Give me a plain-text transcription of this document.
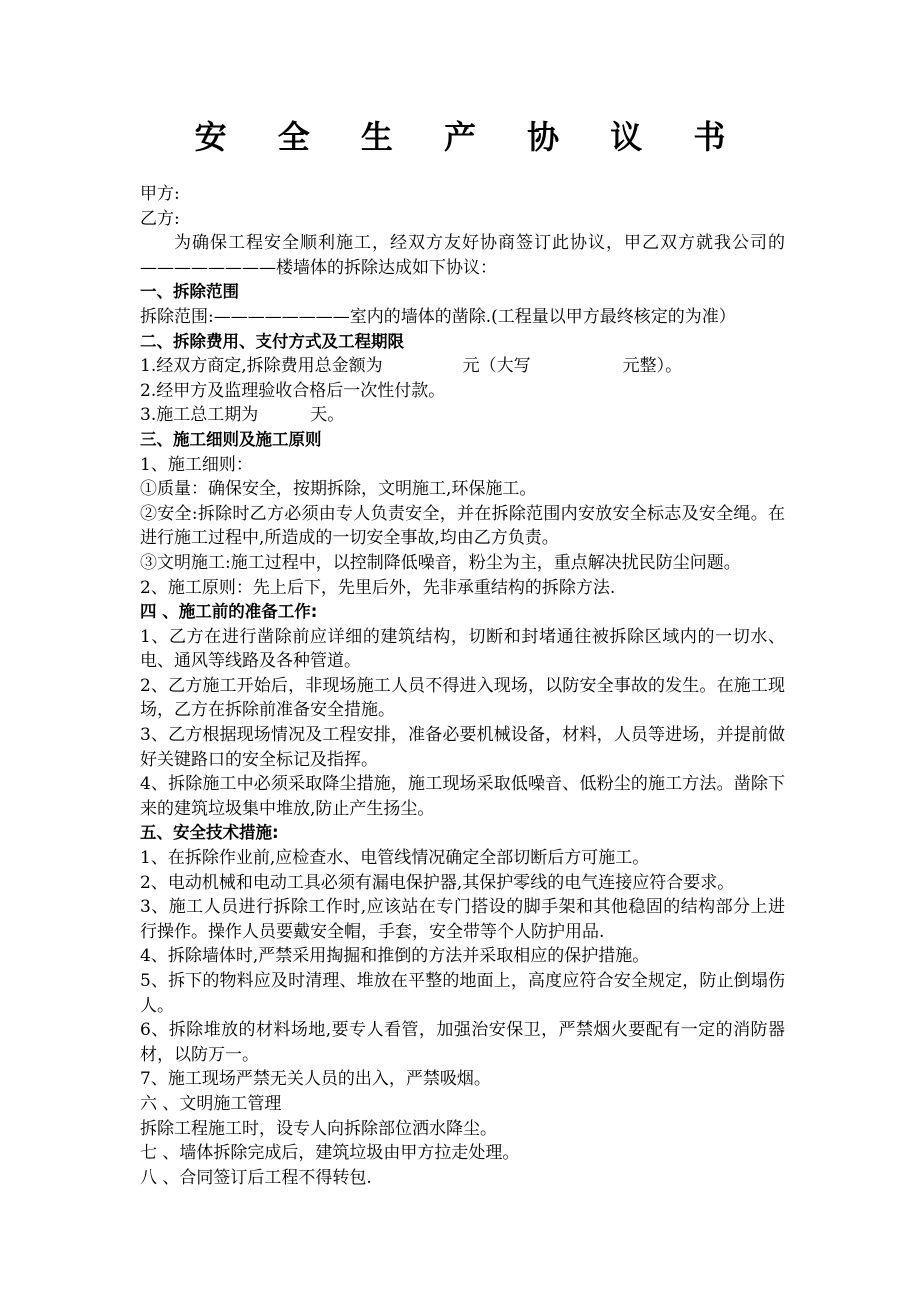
安 全 生 产 协 议 书
甲方:
乙方:
为确保工程安全顺利施工，经双方友好协商签订此协议，甲乙双方就我公司的————————楼墙体的拆除达成如下协议：
一、拆除范围
拆除范围:————————室内的墙体的凿除.(工程量以甲方最终核定的为准）
二、拆除费用、支付方式及工程期限
1.经双方商定,拆除费用总金额为	元（大写	元整）。
2.经甲方及监理验收合格后一次性付款。
3.施工总工期为	天。
三、施工细则及施工原则
1、施工细则：
①质量：确保安全，按期拆除，文明施工,环保施工。
②安全:拆除时乙方必须由专人负责安全，并在拆除范围内安放安全标志及安全绳。在进行施工过程中,所造成的一切安全事故,均由乙方负责。
③文明施工:施工过程中，以控制降低噪音，粉尘为主，重点解决扰民防尘问题。
2、施工原则：先上后下，先里后外，先非承重结构的拆除方法.
四 、施工前的准备工作:
1、乙方在进行凿除前应详细的建筑结构，切断和封堵通往被拆除区域内的一切水、电、通风等线路及各种管道。
2、乙方施工开始后，非现场施工人员不得进入现场，以防安全事故的发生。在施工现场，乙方在拆除前准备安全措施。
3、乙方根据现场情况及工程安排，准备必要机械设备，材料，人员等进场，并提前做好关键路口的安全标记及指挥。
4、拆除施工中必须采取降尘措施，施工现场采取低噪音、低粉尘的施工方法。凿除下来的建筑垃圾集中堆放,防止产生扬尘。
五、安全技术措施:
1、在拆除作业前,应检查水、电管线情况确定全部切断后方可施工。
2、电动机械和电动工具必须有漏电保护器,其保护零线的电气连接应符合要求。
3、施工人员进行拆除工作时,应该站在专门搭设的脚手架和其他稳固的结构部分上进行操作。操作人员要戴安全帽，手套，安全带等个人防护用品.
4、拆除墙体时,严禁采用掏掘和推倒的方法并采取相应的保护措施。
5、拆下的物料应及时清理、堆放在平整的地面上，高度应符合安全规定，防止倒塌伤人。
6、拆除堆放的材料场地,要专人看管，加强治安保卫，严禁烟火要配有一定的消防器材，以防万一。
7、施工现场严禁无关人员的出入，严禁吸烟。
六 、文明施工管理
拆除工程施工时，设专人向拆除部位洒水降尘。
七 、墙体拆除完成后，建筑垃圾由甲方拉走处理。
八 、合同签订后工程不得转包.
